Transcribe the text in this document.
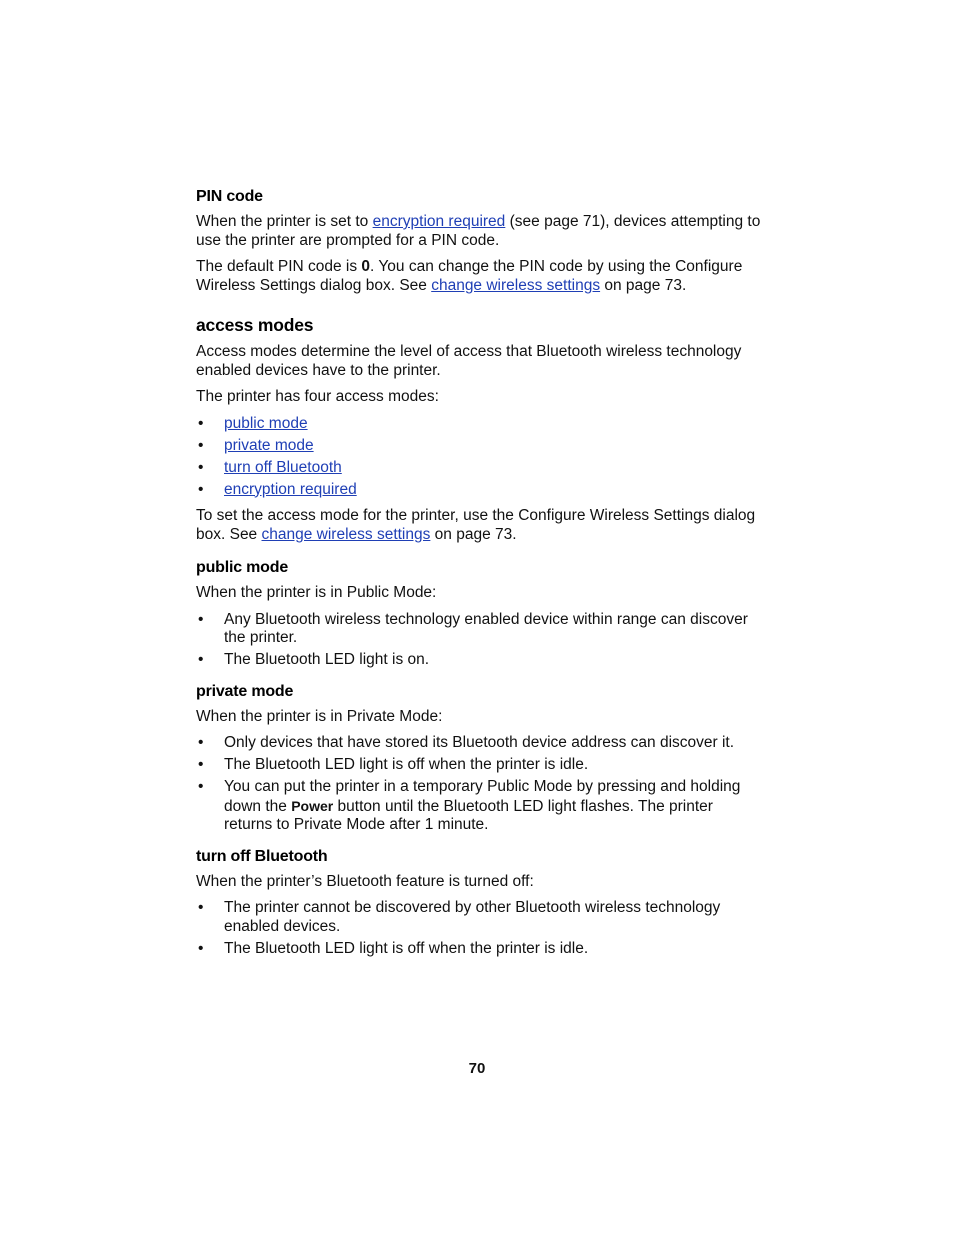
PIN code

When the printer is set to encryption required (see page 71), devices attempting to use the printer are prompted for a PIN code.

The default PIN code is 0. You can change the PIN code by using the Configure Wireless Settings dialog box. See change wireless settings on page 73.

access modes

Access modes determine the level of access that Bluetooth wireless technology enabled devices have to the printer.

The printer has four access modes:

• public mode
• private mode
• turn off Bluetooth
• encryption required

To set the access mode for the printer, use the Configure Wireless Settings dialog box. See change wireless settings on page 73.

public mode

When the printer is in Public Mode:

• Any Bluetooth wireless technology enabled device within range can discover the printer.
• The Bluetooth LED light is on.
private mode

When the printer is in Private Mode:

• Only devices that have stored its Bluetooth device address can discover it.
• The Bluetooth LED light is off when the printer is idle.
• You can put the printer in a temporary Public Mode by pressing and holding down the Power button until the Bluetooth LED light flashes. The printer returns to Private Mode after 1 minute.
turn off Bluetooth

When the printer’s Bluetooth feature is turned off:

• The printer cannot be discovered by other Bluetooth wireless technology enabled devices.
• The Bluetooth LED light is off when the printer is idle.
70
